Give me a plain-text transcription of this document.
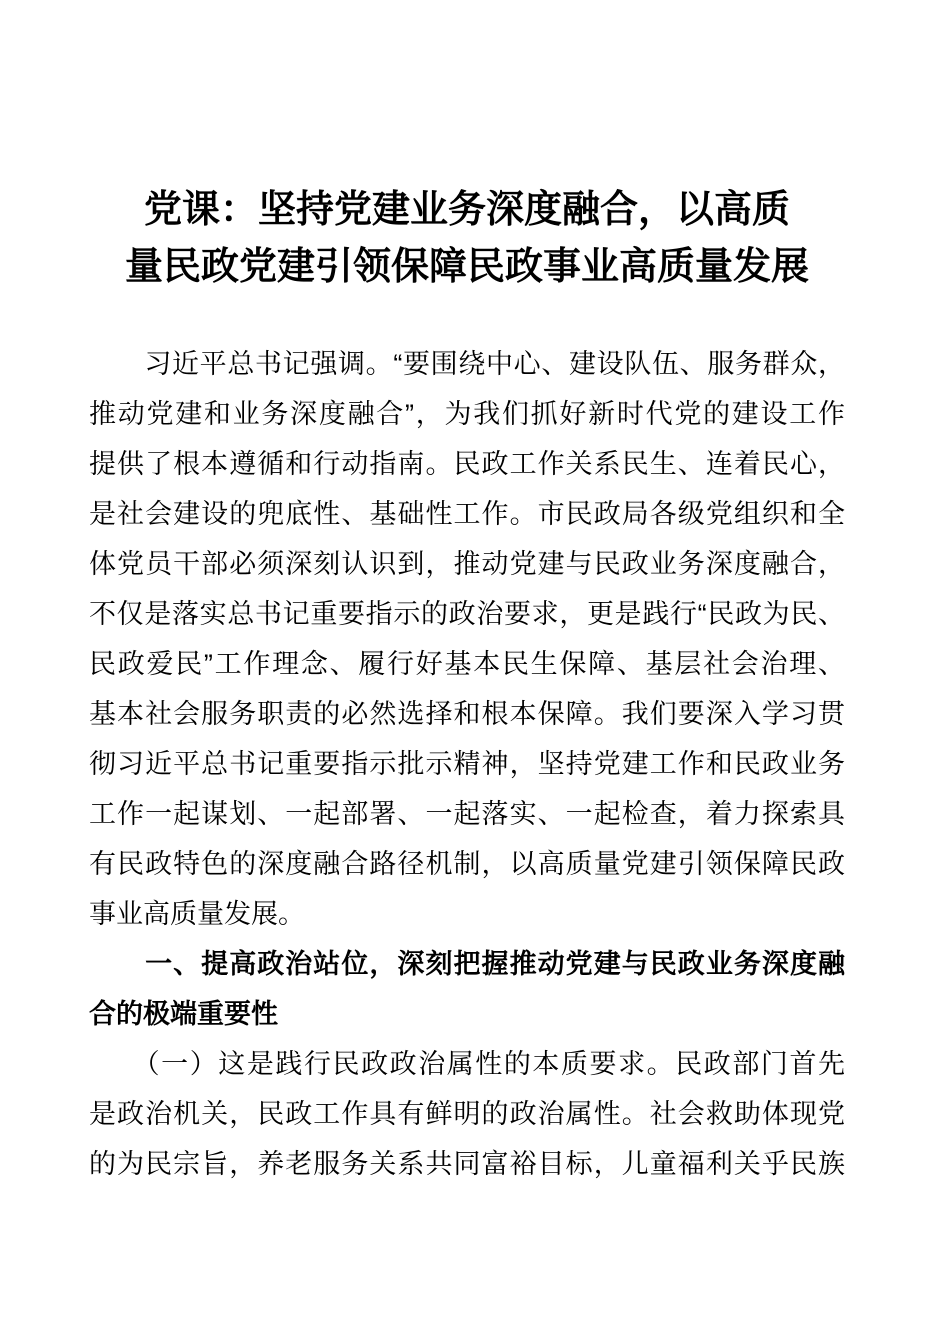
党课：坚持党建业务深度融合，以高质
量民政党建引领保障民政事业高质量发展
　　习近平总书记强调。“要围绕中心、建设队伍、服务群众，
推动党建和业务深度融合”，为我们抓好新时代党的建设工作
提供了根本遵循和行动指南。民政工作关系民生、连着民心，
是社会建设的兜底性、基础性工作。市民政局各级党组织和全
体党员干部必须深刻认识到，推动党建与民政业务深度融合，
不仅是落实总书记重要指示的政治要求，更是践行“民政为民、
民政爱民”工作理念、履行好基本民生保障、基层社会治理、
基本社会服务职责的必然选择和根本保障。我们要深入学习贯
彻习近平总书记重要指示批示精神，坚持党建工作和民政业务
工作一起谋划、一起部署、一起落实、一起检查，着力探索具
有民政特色的深度融合路径机制，以高质量党建引领保障民政
事业高质量发展。
　　一、提高政治站位，深刻把握推动党建与民政业务深度融
合的极端重要性
　　（一）这是践行民政政治属性的本质要求。民政部门首先
是政治机关，民政工作具有鲜明的政治属性。社会救助体现党
的为民宗旨，养老服务关系共同富裕目标，儿童福利关乎民族
